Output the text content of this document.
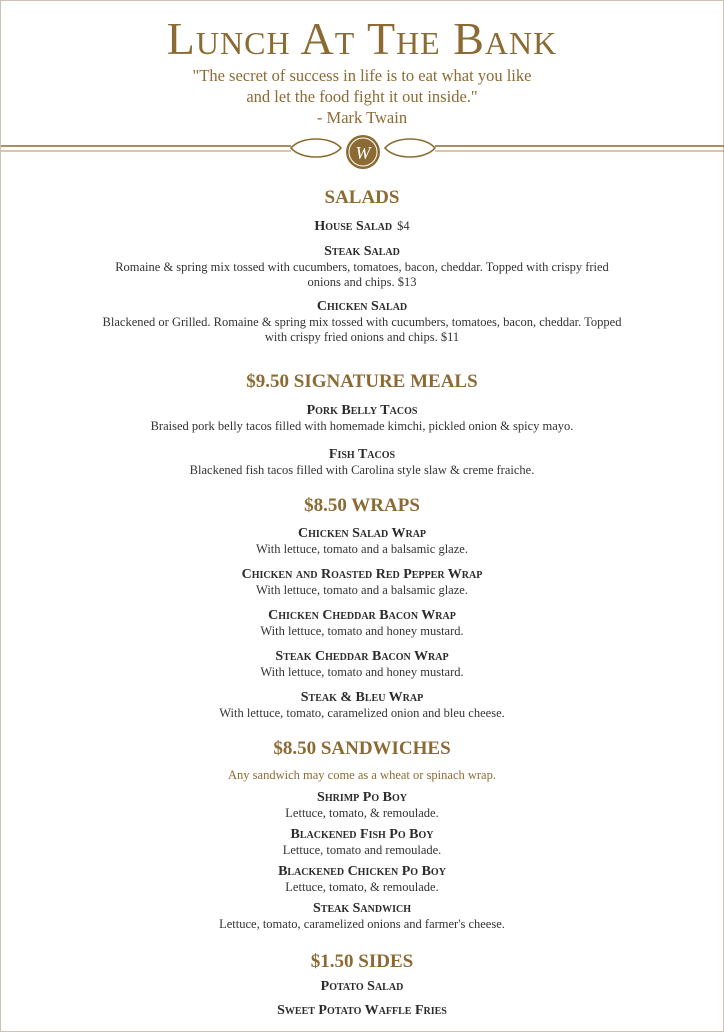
Lunch At The Bank
"The secret of success in life is to eat what you like
and let the food fight it out inside."
- Mark Twain
W
SALADS
House Salad $4
Steak Salad
Romaine & spring mix tossed with cucumbers, tomatoes, bacon, cheddar. Topped with crispy fried
onions and chips. $13
Chicken Salad
Blackened or Grilled. Romaine & spring mix tossed with cucumbers, tomatoes, bacon, cheddar. Topped
with crispy fried onions and chips. $11
$9.50 SIGNATURE MEALS
Pork Belly Tacos
Braised pork belly tacos filled with homemade kimchi, pickled onion & spicy mayo.
Fish Tacos
Blackened fish tacos filled with Carolina style slaw & creme fraiche.
$8.50 WRAPS
Chicken Salad Wrap
With lettuce, tomato and a balsamic glaze.
Chicken and Roasted Red Pepper Wrap
With lettuce, tomato and a balsamic glaze.
Chicken Cheddar Bacon Wrap
With lettuce, tomato and honey mustard.
Steak Cheddar Bacon Wrap
With lettuce, tomato and honey mustard.
Steak & Bleu Wrap
With lettuce, tomato, caramelized onion and bleu cheese.
$8.50 SANDWICHES
Any sandwich may come as a wheat or spinach wrap.
Shrimp Po Boy
Lettuce, tomato, & remoulade.
Blackened Fish Po Boy
Lettuce, tomato and remoulade.
Blackened Chicken Po Boy
Lettuce, tomato, & remoulade.
Steak Sandwich
Lettuce, tomato, caramelized onions and farmer's cheese.
$1.50 SIDES
Potato Salad
Sweet Potato Waffle Fries
